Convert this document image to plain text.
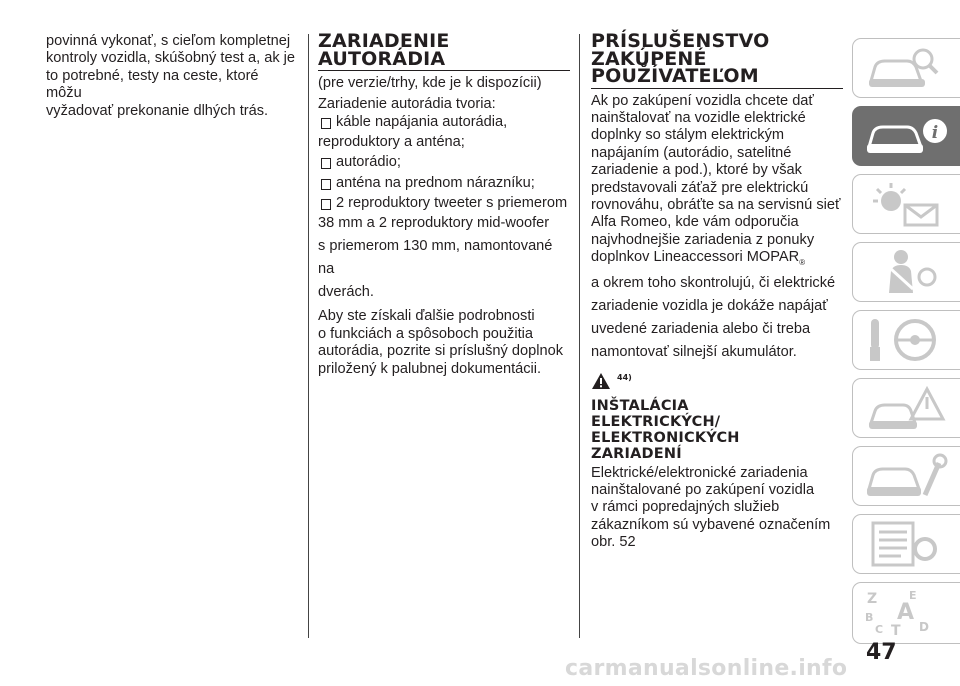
povinná vykonať, s cieľom kompletnej

kontroly vozidla, skúšobný test a, ak je

to potrebné, testy na ceste, ktoré môžu

vyžadovať prekonanie dlhých trás.

ZARIADENIE
AUTORÁDIA

(pre verzie/trhy, kde je k dispozícii)

Zariadenie autorádia tvoria:

káble napájania autorádia,

reproduktory a anténa;

autorádio;

anténa na prednom nárazníku;

2 reproduktory tweeter s priemerom

38 mm a 2 reproduktory mid-woofer

s priemerom 130 mm, namontované na

dverách.

Aby ste získali ďalšie podrobnosti

o funkciách a spôsoboch použitia

autorádia, pozrite si príslušný doplnok

priložený k palubnej dokumentácii.

PRÍSLUŠENSTVO
ZAKÚPENÉ
POUŽÍVATEĽOM

Ak po zakúpení vozidla chcete dať

nainštalovať na vozidle elektrické

doplnky so stálym elektrickým

napájaním (autorádio, satelitné

zariadenie a pod.), ktoré by však

predstavovali záťaž pre elektrickú

rovnováhu, obráťte sa na servisnú sieť

Alfa Romeo, kde vám odporučia

najvhodnejšie zariadenia z ponuky

doplnkov Lineaccessori $MOPAR_®$

a okrem toho skontrolujú, či elektrické

zariadenie vozidla je dokáže napájať

uvedené zariadenia alebo či treba

namontovať silnejší akumulátor.

44)
INŠTALÁCIA
ELEKTRICKÝCH/
ELEKTRONICKÝCH
ZARIADENÍ

Elektrické/elektronické zariadenia

nainštalované po zakúpení vozidla

v rámci popredajných služieb

zákazníkom sú vybavené označením

obr. 52

i
Z	E
B A
C T D
47
carmanualsonline.info
